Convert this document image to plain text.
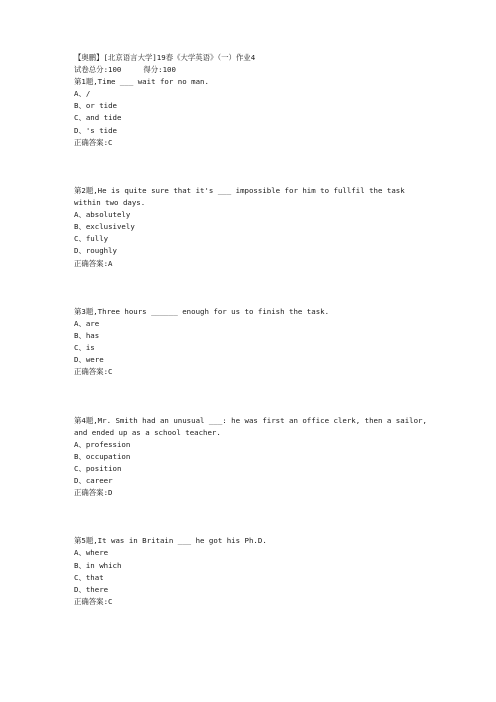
【奥鹏】[北京语言大学]19春《大学英语》（一）作业4
试卷总分:100	得分:100
第1题,Time ___ wait for no man.
A、/
B、or tide
C、and tide
D、's tide
正确答案:C
第2题,He is quite sure that it's ___ impossible for him to fullfil the task within two days.
A、absolutely
B、exclusively
C、fully
D、roughly
正确答案:A
第3题,Three hours ______ enough for us to finish the task.
A、are
B、has
C、is
D、were
正确答案:C
第4题,Mr. Smith had an unusual ___: he was first an office clerk, then a sailor, and ended up as a school teacher.
A、profession
B、occupation
C、position
D、career
正确答案:D
第5题,It was in Britain ___ he got his Ph.D.
A、where
B、in which
C、that
D、there
正确答案:C
